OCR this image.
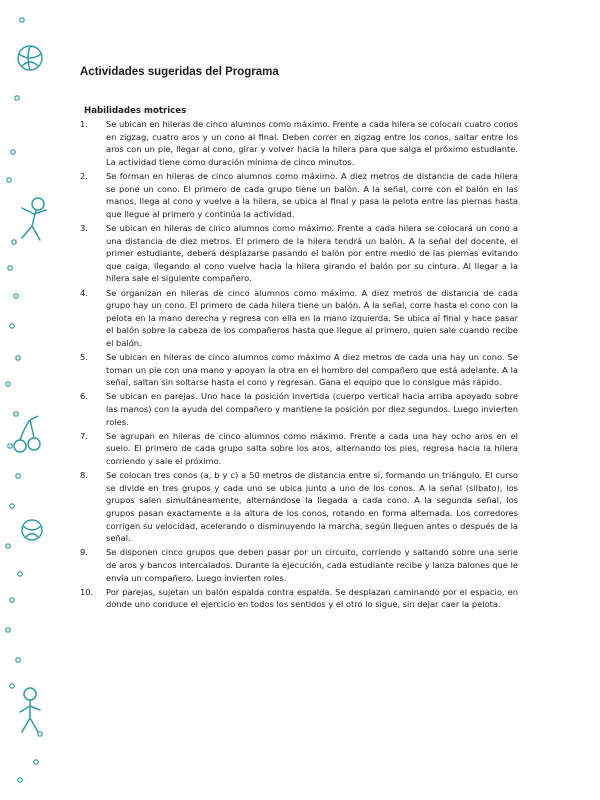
Actividades sugeridas del Programa
Habilidades motrices
1.	Se ubican en hileras de cinco alumnos como máximo. Frente a cada hilera se colocan cuatro conos en zigzag, cuatro aros y un cono al final. Deben correr en zigzag entre los conos, saltar entre los aros con un pie, llegar al cono, girar y volver hacia la hilera para que salga el próximo estudiante. La actividad tiene como duración mínima de cinco minutos.
2.	Se forman en hileras de cinco alumnos como máximo. A diez metros de distancia de cada hilera se pone un cono. El primero de cada grupo tiene un balón. A la señal, corre con el balón en las manos, llega al cono y vuelve a la hilera, se ubica al final y pasa la pelota entre las piernas hasta que llegue al primero y continúa la actividad.
3.	Se ubican en hileras de cinco alumnos como máximo. Frente a cada hilera se colocará un cono a una distancia de diez metros. El primero de la hilera tendrá un balón. A la señal del docente, el primer estudiante, deberá desplazarse pasando el balón por entre medio de las piernas evitando que caiga, llegando al cono vuelve hacia la hilera girando el balón por su cintura. Al llegar a la hilera sale el siguiente compañero.
4.	Se organizan en hileras de cinco alumnos como máximo. A diez metros de distancia de cada grupo hay un cono. El primero de cada hilera tiene un balón. A la señal, corre hasta el cono con la pelota en la mano derecha y regresa con ella en la mano izquierda. Se ubica al final y hace pasar el balón sobre la cabeza de los compañeros hasta que llegue al primero, quien sale cuando recibe el balón.
5.	Se ubican en hileras de cinco alumnos como máximo A diez metros de cada una hay un cono. Se toman un pie con una mano y apoyan la otra en el hombro del compañero que está adelante. A la señal, saltan sin soltarse hasta el cono y regresan. Gana el equipo que lo consigue más rápido.
6.	Se ubican en parejas. Uno hace la posición invertida (cuerpo vertical hacia arriba apoyado sobre las manos) con la ayuda del compañero y mantiene la posición por diez segundos. Luego invierten roles.
7.	Se agrupan en hileras de cinco alumnos como máximo. Frente a cada una hay ocho aros en el suelo. El primero de cada grupo salta sobre los aros, alternando los pies, regresa hacia la hilera corriendo y sale el próximo.
8.	Se colocan tres conos (a, b y c) a 50 metros de distancia entre sí, formando un triángulo. El curso se divide en tres grupos y cada uno se ubica junto a uno de los conos. A la señal (silbato), los grupos salen simultáneamente, alternándose la llegada a cada cono. A la segunda señal, los grupos pasan exactamente a la altura de los conos, rotando en forma alternada. Los corredores corrigen su velocidad, acelerando o disminuyendo la marcha, según lleguen antes o después de la señal.
9.	Se disponen cinco grupos que deben pasar por un circuito, corriendo y saltando sobre una serie de aros y bancos intercalados. Durante la ejecución, cada estudiante recibe y lanza balones que le envía un compañero. Luego invierten roles.
10.	Por parejas, sujetan un balón espalda contra espalda. Se desplazan caminando por el espacio, en donde uno conduce el ejercicio en todos los sentidos y el otro lo sigue, sin dejar caer la pelota.
